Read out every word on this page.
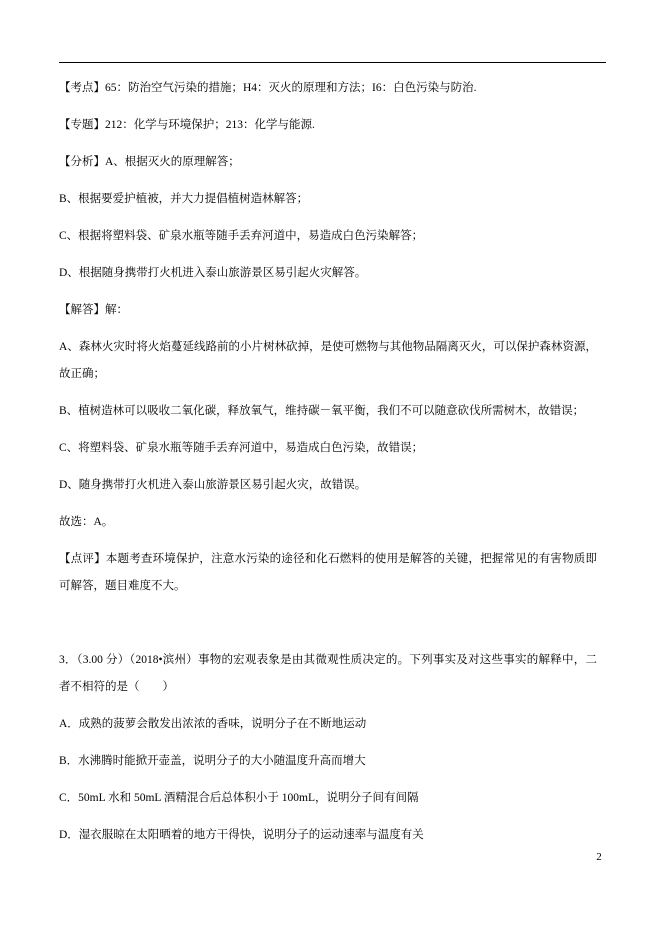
【考点】65：防治空气污染的措施；H4：灭火的原理和方法；I6：白色污染与防治.

【专题】212：化学与环境保护；213：化学与能源.

【分析】A、根据灭火的原理解答；

B、根据要爱护植被，并大力提倡植树造林解答；

C、根据将塑料袋、矿泉水瓶等随手丢弃河道中，易造成白色污染解答；

D、根据随身携带打火机进入泰山旅游景区易引起火灾解答。

【解答】解：

A、森林火灾时将火焰蔓延线路前的小片树林砍掉，是使可燃物与其他物品隔离灭火，可以保护森林资源，故正确；

B、植树造林可以吸收二氧化碳，释放氧气，维持碳－氧平衡，我们不可以随意砍伐所需树木，故错误；

C、将塑料袋、矿泉水瓶等随手丢弃河道中，易造成白色污染，故错误；

D、随身携带打火机进入泰山旅游景区易引起火灾，故错误。

故选：A。

【点评】本题考查环境保护，注意水污染的途径和化石燃料的使用是解答的关键，把握常见的有害物质即可解答，题目难度不大。

3．（3.00 分）（2018•滨州）事物的宏观表象是由其微观性质决定的。下列事实及对这些事实的解释中，二者不相符的是（　　）

A．成熟的菠萝会散发出浓浓的香味，说明分子在不断地运动

B．水沸腾时能掀开壶盖，说明分子的大小随温度升高而增大

C．50mL 水和 50mL 酒精混合后总体积小于 100mL，说明分子间有间隔

D．湿衣服晾在太阳晒着的地方干得快，说明分子的运动速率与温度有关

2
